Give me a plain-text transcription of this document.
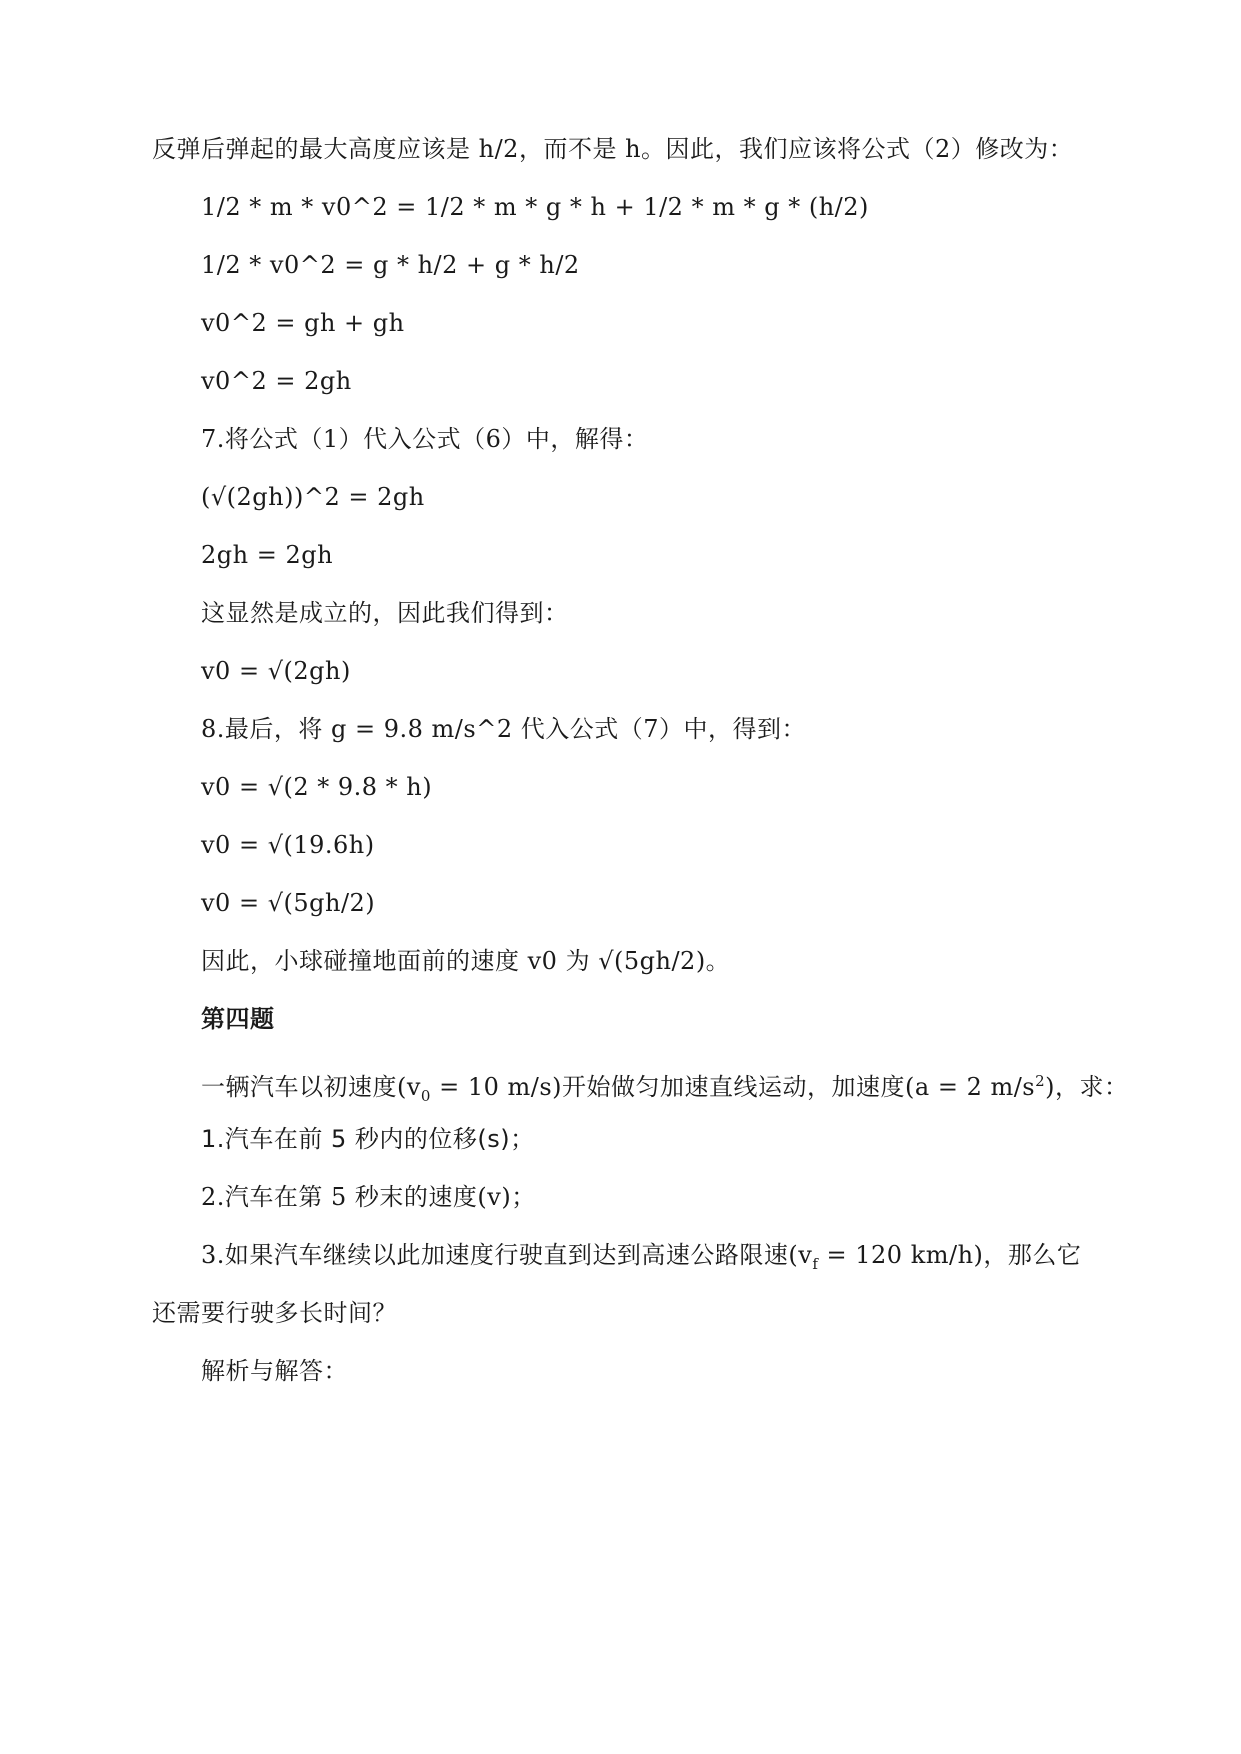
反弹后弹起的最大高度应该是 h/2，而不是 h。因此，我们应该将公式（2）修改为：
1/2 * m * v0^2 = 1/2 * m * g * h + 1/2 * m * g * (h/2)
1/2 * v0^2 = g * h/2 + g * h/2
v0^2 = gh + gh
v0^2 = 2gh
7.将公式（1）代入公式（6）中，解得：
(√(2gh))^2 = 2gh
2gh = 2gh
这显然是成立的，因此我们得到：
v0 = √(2gh)
8.最后，将 g = 9.8 m/s^2 代入公式（7）中，得到：
v0 = √(2 * 9.8 * h)
v0 = √(19.6h)
v0 = √(5gh/2)
因此，小球碰撞地面前的速度 v0 为 √(5gh/2)。
第四题
一辆汽车以初速度($v_0 = 10$ m/s)开始做匀加速直线运动，加速度(a = 2 $m/s^2$)，求：
1.汽车在前 5 秒内的位移(s)；
2.汽车在第 5 秒末的速度(v)；
3.如果汽车继续以此加速度行驶直到达到高速公路限速($v_f = 120$ km/h)，那么它
还需要行驶多长时间？
解析与解答：
